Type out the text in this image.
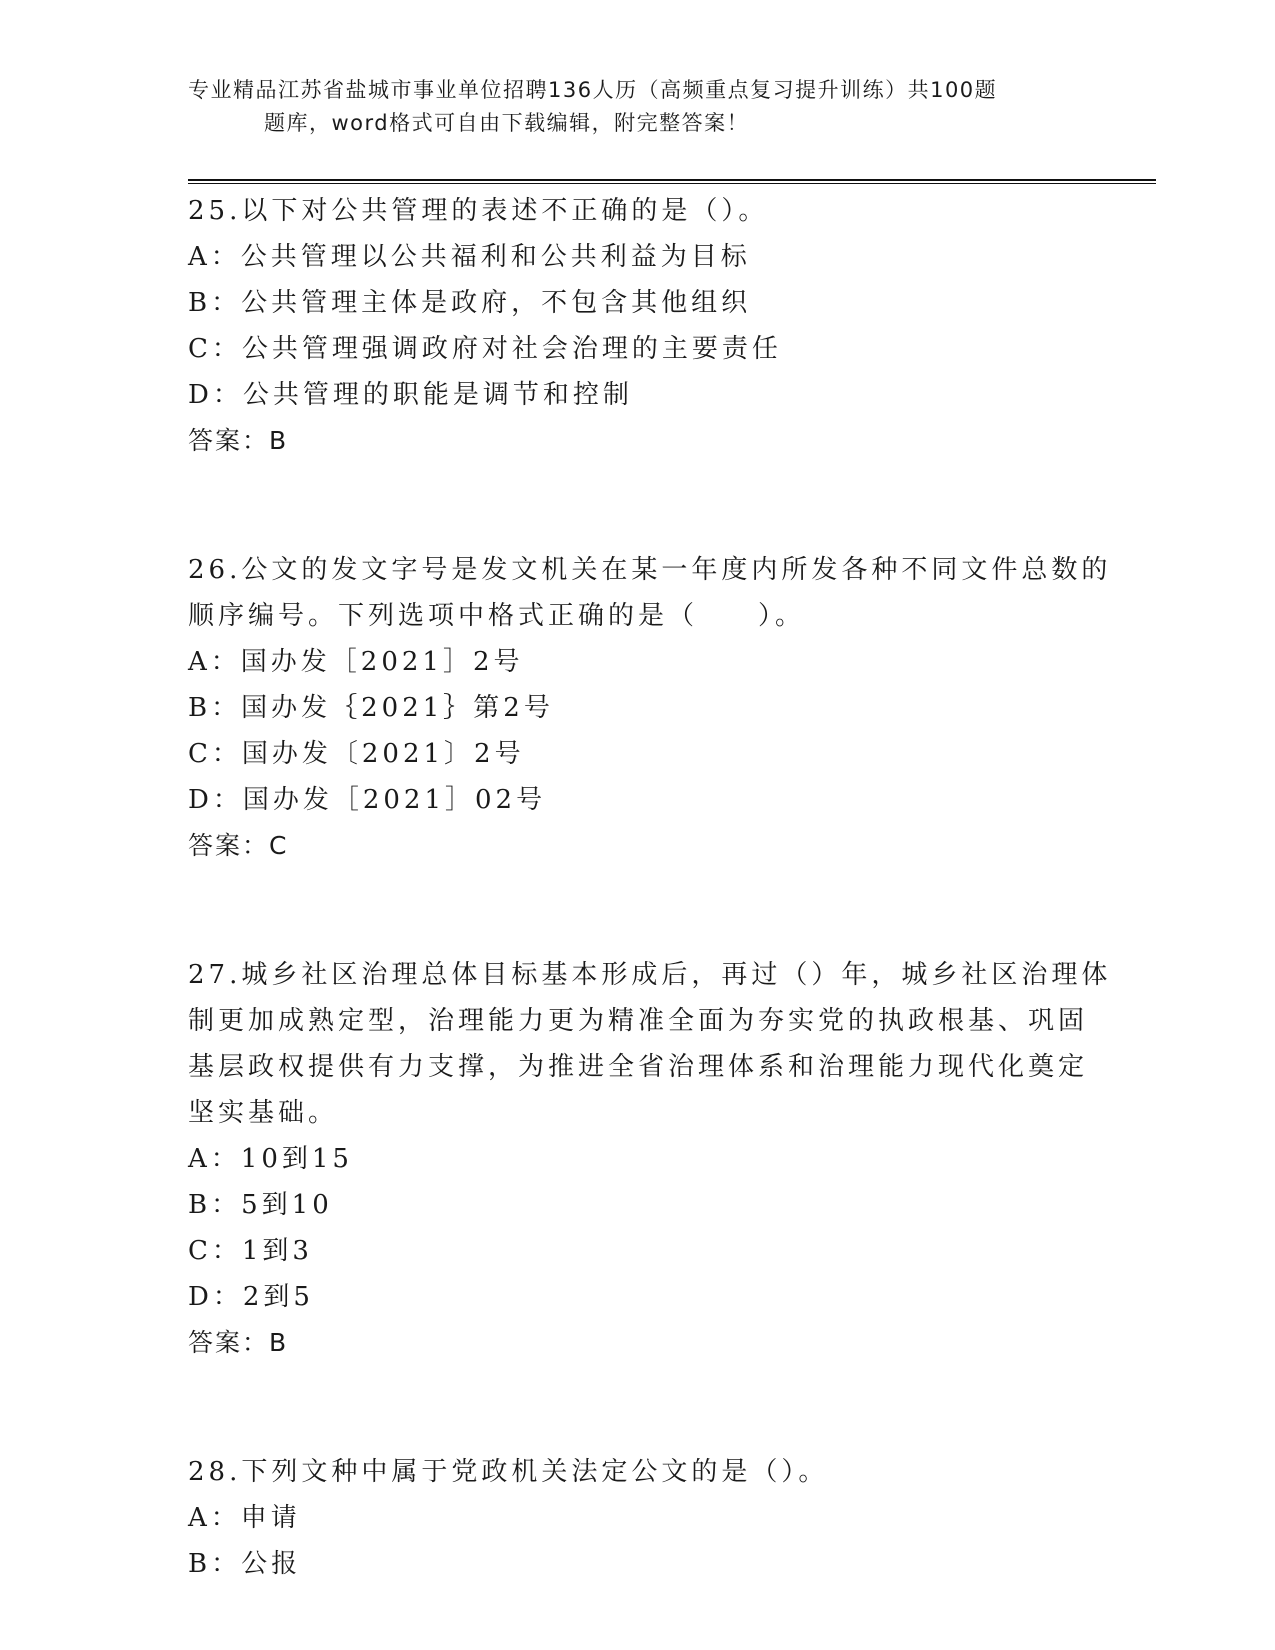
专业精品江苏省盐城市事业单位招聘136人历（高频重点复习提升训练）共100题
题库，word格式可自由下载编辑，附完整答案！
25.以下对公共管理的表述不正确的是（）。
A：公共管理以公共福利和公共利益为目标
B：公共管理主体是政府，不包含其他组织
C：公共管理强调政府对社会治理的主要责任
D：公共管理的职能是调节和控制
答案：B
26.公文的发文字号是发文机关在某一年度内所发各种不同文件总数的
顺序编号。下列选项中格式正确的是（　　）。
A：国办发［2021］2号
B：国办发｛2021｝第2号
C：国办发〔2021〕2号
D：国办发［2021］02号
答案：C
27.城乡社区治理总体目标基本形成后，再过（）年，城乡社区治理体
制更加成熟定型，治理能力更为精准全面为夯实党的执政根基、巩固
基层政权提供有力支撑，为推进全省治理体系和治理能力现代化奠定
坚实基础。
A：10到15
B：5到10
C：1到3
D：2到5
答案：B
28.下列文种中属于党政机关法定公文的是（）。
A：申请
B：公报
